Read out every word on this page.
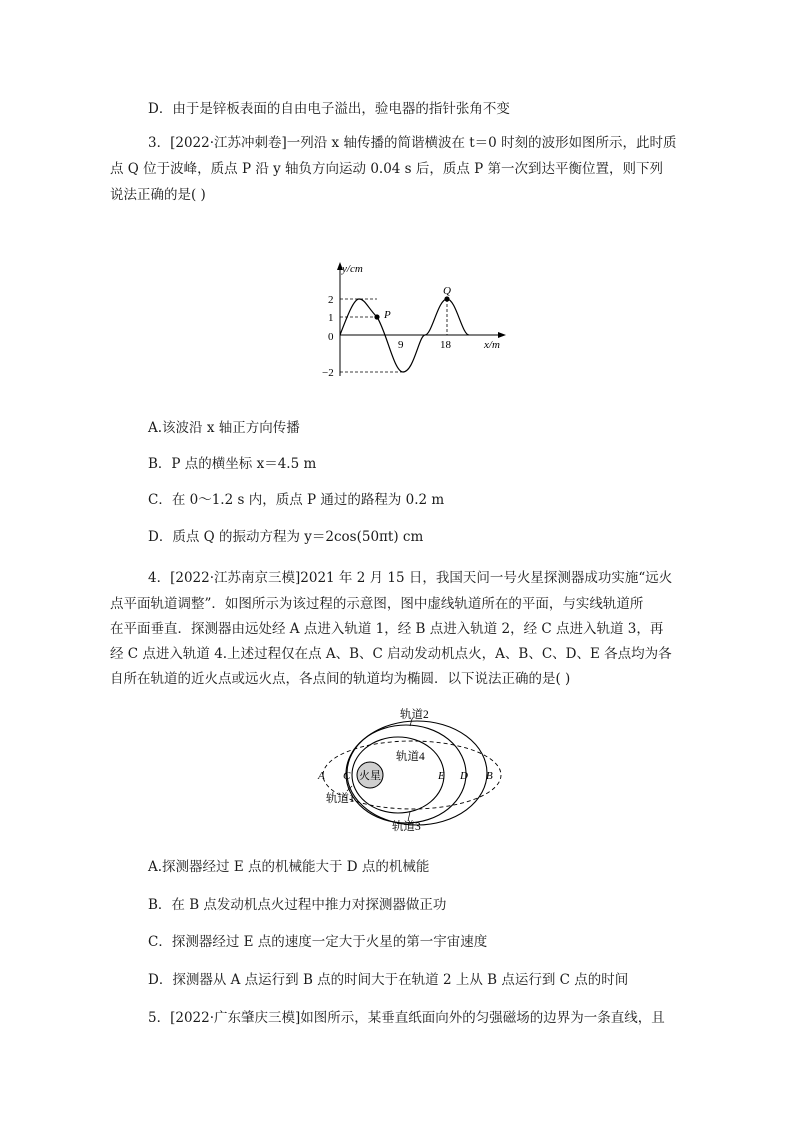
D．由于是锌板表面的自由电子溢出，验电器的指针张角不变
3．[2022·江苏冲刺卷]一列沿 x 轴传播的简谐横波在 t＝0 时刻的波形如图所示，此时质
点 Q 位于波峰，质点 P 沿 y 轴负方向运动 0.04 s 后，质点 P 第一次到达平衡位置，则下列
说法正确的是( )
y/cm
x/m
0
2
1
−2
9	18
P
Q
A.该波沿 x 轴正方向传播
B．P 点的横坐标 x＝4.5 m
C．在 0～1.2 s 内，质点 P 通过的路程为 0.2 m
D．质点 Q 的振动方程为 y＝2cos(50πt) cm
4．[2022·江苏南京三模]2021 年 2 月 15 日，我国天问一号火星探测器成功实施“远火
点平面轨道调整”．如图所示为该过程的示意图，图中虚线轨道所在的平面，与实线轨道所
在平面垂直．探测器由远处经 A 点进入轨道 1，经 B 点进入轨道 2，经 C 点进入轨道 3，再
经 C 点进入轨道 4.上述过程仅在点 A、B、C 启动发动机点火，A、B、C、D、E 各点均为各
自所在轨道的近火点或远火点，各点间的轨道均为椭圆．以下说法正确的是( )
轨道2
轨道4
轨道1
轨道3
火星
A C	E D B
A.探测器经过 E 点的机械能大于 D 点的机械能
B．在 B 点发动机点火过程中推力对探测器做正功
C．探测器经过 E 点的速度一定大于火星的第一宇宙速度
D．探测器从 A 点运行到 B 点的时间大于在轨道 2 上从 B 点运行到 C 点的时间
5．[2022·广东肇庆三模]如图所示，某垂直纸面向外的匀强磁场的边界为一条直线，且
